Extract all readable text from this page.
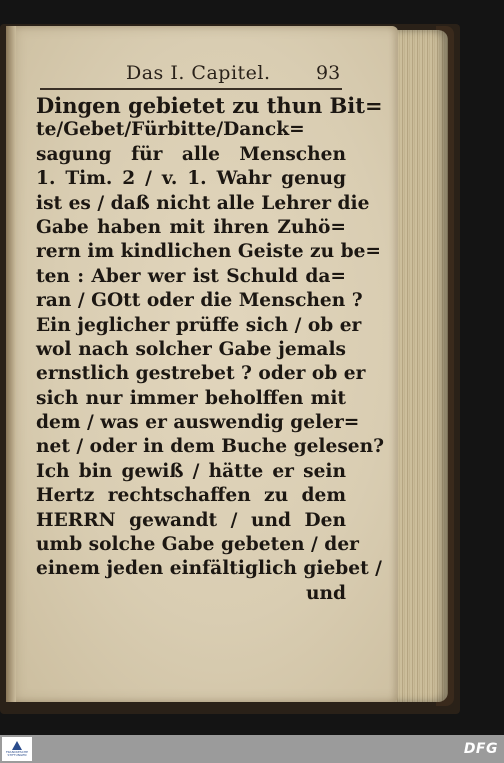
Das I. Capitel. 93
Dingen gebietet zu thun Bit=
te/Gebet/Fürbitte/Danck=
sagung für alle Menschen
1. Tim. 2 / v. 1. Wahr genug
ist es / daß nicht alle Lehrer die
Gabe haben mit ihren Zuhö=
rern im kindlichen Geiste zu be=
ten : Aber wer ist Schuld da=
ran / GOtt oder die Menschen ?
Ein jeglicher prüffe sich / ob er
wol nach solcher Gabe jemals
ernstlich gestrebet ? oder ob er
sich nur immer beholffen mit
dem / was er auswendig geler=
net / oder in dem Buche gelesen?
Ich bin gewiß / hätte er sein
Hertz rechtschaffen zu dem
HERRN gewandt / und Den
umb solche Gabe gebeten / der
einem jeden einfältiglich giebet /
und
FRANCKESCHE STIFTUNGEN	DFG
